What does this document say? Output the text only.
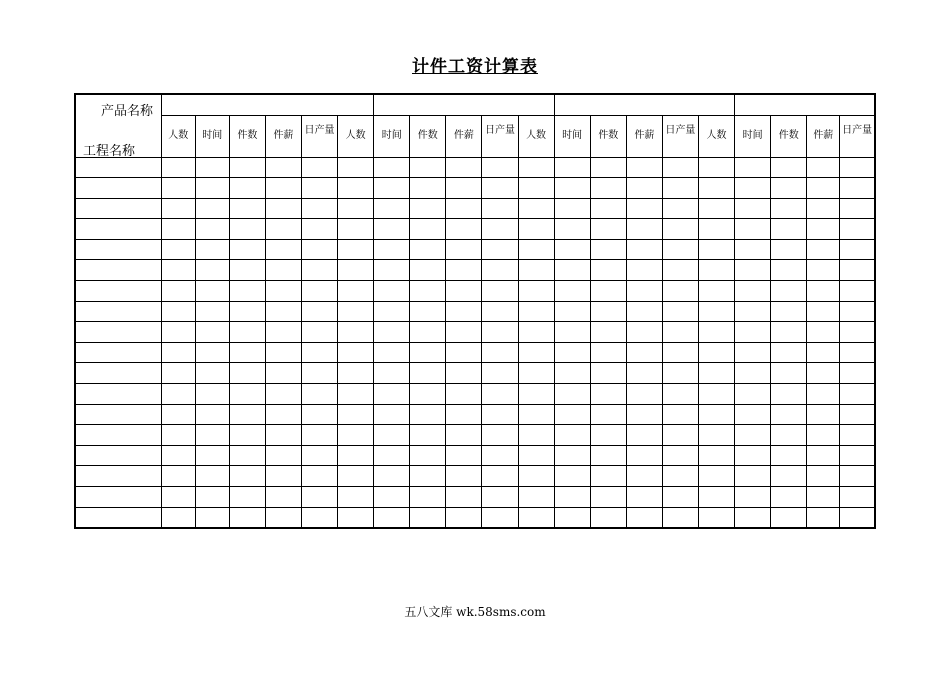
计件工资计算表
产品名称
工程名称																				

	人数	时间	件数	件薪	日产量	人数	时间	件数	件薪	日产量	人数	时间	件数	件薪	日产量	人数	时间	件数	件薪	日产量

五八文库 wk.58sms.com
